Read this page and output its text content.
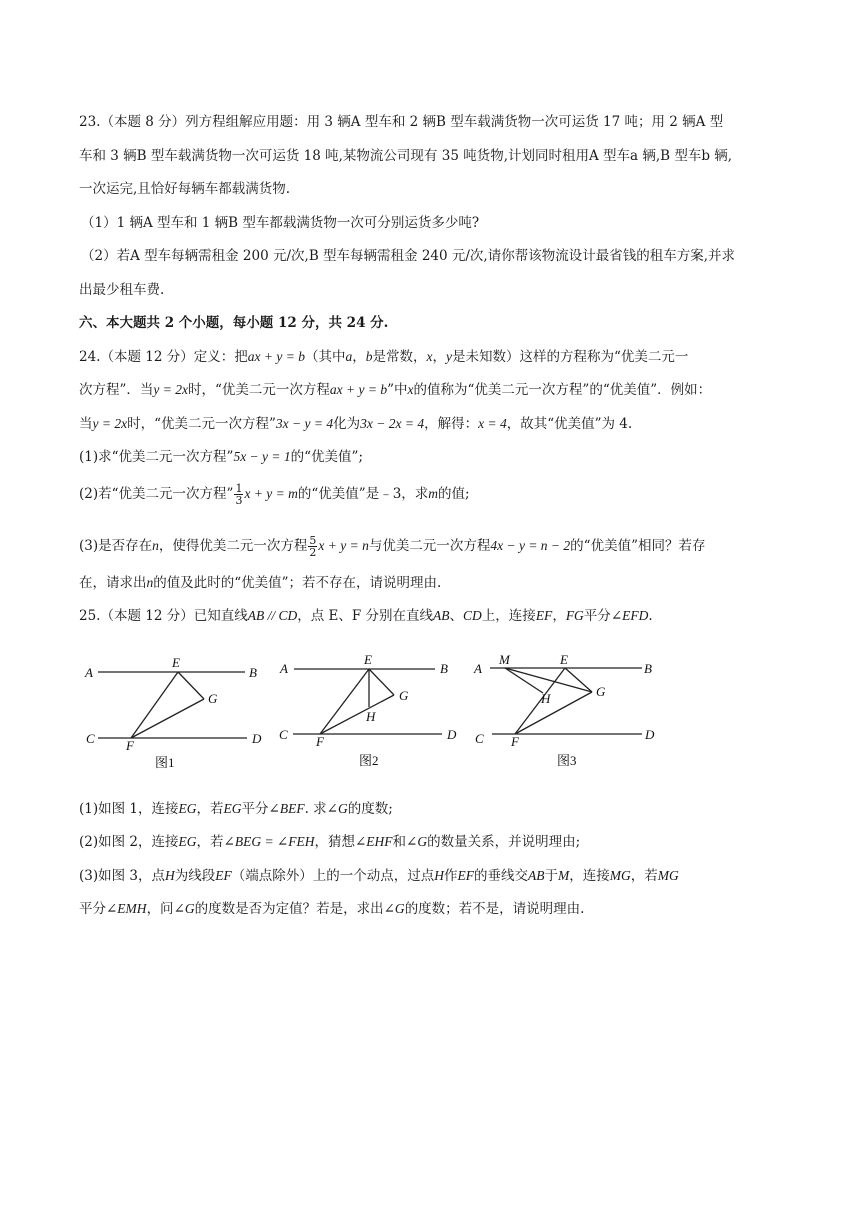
23.（本题 8 分）列方程组解应用题：用 3 辆A 型车和 2 辆B 型车载满货物一次可运货 17 吨；用 2 辆A 型
车和 3 辆B 型车载满货物一次可运货 18 吨,某物流公司现有 35 吨货物,计划同时租用A 型车a 辆,B 型车b 辆,
一次运完,且恰好每辆车都载满货物.
（1）1 辆A 型车和 1 辆B 型车都载满货物一次可分别运货多少吨?
（2）若A 型车每辆需租金 200 元/次,B 型车每辆需租金 240 元/次,请你帮该物流设计最省钱的租车方案,并求
出最少租车费.
六、本大题共 2 个小题，每小题 12 分，共 24 分.
24.（本题 12 分）定义：把ax + y = b（其中a，b是常数，x，y是未知数）这样的方程称为“优美二元一
次方程”．当y = 2x时，“优美二元一次方程ax + y = b”中x的值称为“优美二元一次方程”的“优美值”．例如：
当y = 2x时，“优美二元一次方程”3x − y = 4化为3x − 2x = 4，解得：x = 4，故其“优美值”为 4.
(1)求“优美二元一次方程”5x − y = 1的“优美值”;
(2)若“优美二元一次方程” $\frac{1}{3}$ x + y = m的“优美值”是﹣3，求m的值;
(3)是否存在n，使得优美二元一次方程 $\frac{5}{2}$ x + y = n与优美二元一次方程4x − y = n − 2的“优美值”相同？若存
在，请求出n的值及此时的“优美值”；若不存在，请说明理由.
25.（本题 12 分）已知直线AB // CD，点 E、F 分别在直线AB、CD上，连接EF，FG平分∠EFD.
A	B
E
G
C F	D
A	B
E
G
H
C F	D
A
M	E
B
H	G
C F	D
图1	图2	图3
(1)如图 1，连接EG，若EG平分∠BEF. 求∠G的度数;
(2)如图 2，连接EG，若∠BEG = ∠FEH，猜想∠EHF和∠G的数量关系，并说明理由;
(3)如图 3，点H为线段EF（端点除外）上的一个动点，过点H作EF的垂线交AB于M，连接MG，若MG
平分∠EMH，问∠G的度数是否为定值？若是，求出∠G的度数；若不是，请说明理由.
